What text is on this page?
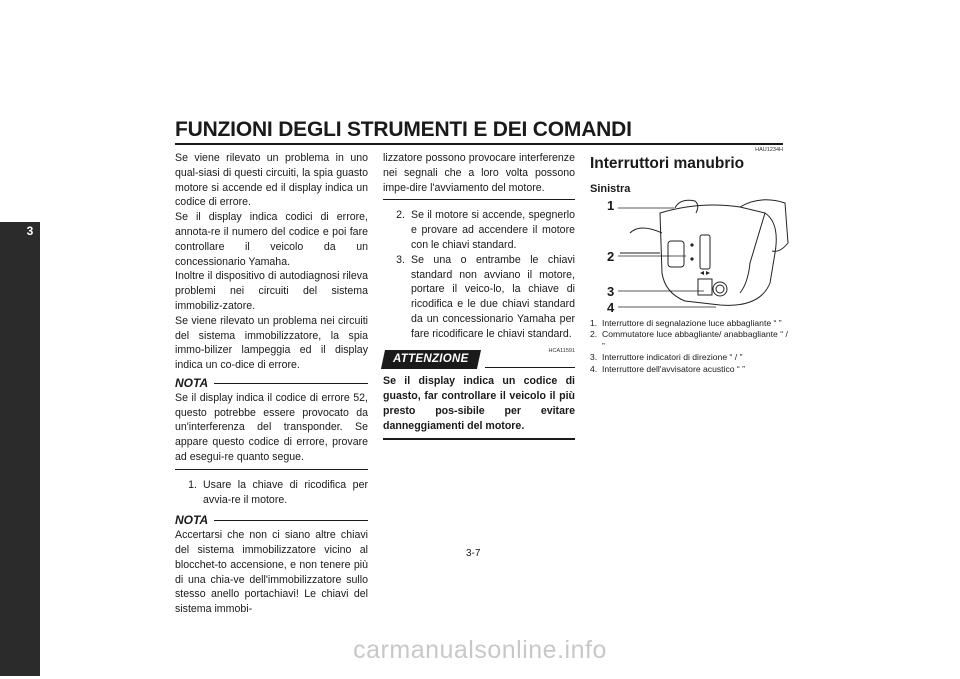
3
FUNZIONI DEGLI STRUMENTI E DEI COMANDI

Se viene rilevato un problema in uno qual-siasi di questi circuiti, la spia guasto motore si accende ed il display indica un codice di errore.

Se il display indica codici di errore, annota-re il numero del codice e poi fare controllare il veicolo da un concessionario Yamaha.

Inoltre il dispositivo di autodiagnosi rileva problemi nei circuiti del sistema immobiliz-zatore.

Se viene rilevato un problema nei circuiti del sistema immobilizzatore, la spia immo-bilizer lampeggia ed il display indica un co-dice di errore.

NOTA

Se il display indica il codice di errore 52, questo potrebbe essere provocato da un'interferenza del transponder. Se appare questo codice di errore, provare ad esegui-re quanto segue.

1. Usare la chiave di ricodifica per avvia-re il motore.
NOTA

Accertarsi che non ci siano altre chiavi del sistema immobilizzatore vicino al blocchet-to accensione, e non tenere più di una chia-ve dell'immobilizzatore sullo stesso anello portachiavi! Le chiavi del sistema immobi-

lizzatore possono provocare interferenze nei segnali che a loro volta possono impe-dire l'avviamento del motore.

2. Se il motore si accende, spegnerlo e provare ad accendere il motore con le chiavi standard.
3. Se una o entrambe le chiavi standard non avviano il motore, portare il veico-lo, la chiave di ricodifica e le due chiavi standard da un concessionario Yamaha per fare ricodificare le chiavi standard.
ATTENZIONE
HCA11591

Se il display indica un codice di guasto, far controllare il veicolo il più presto pos-sibile per evitare danneggiamenti del motore.

HAU1234H
Interruttori manubrio
Sinistra
1
2
3
4
1. Interruttore di segnalazione luce abbagliante “ ”
2. Commutatore luce abbagliante/ anabbagliante “ / ”
3. Interruttore indicatori di direzione “ / ”
4. Interruttore dell'avvisatore acustico “ ”
3-7
carmanualsonline.info
